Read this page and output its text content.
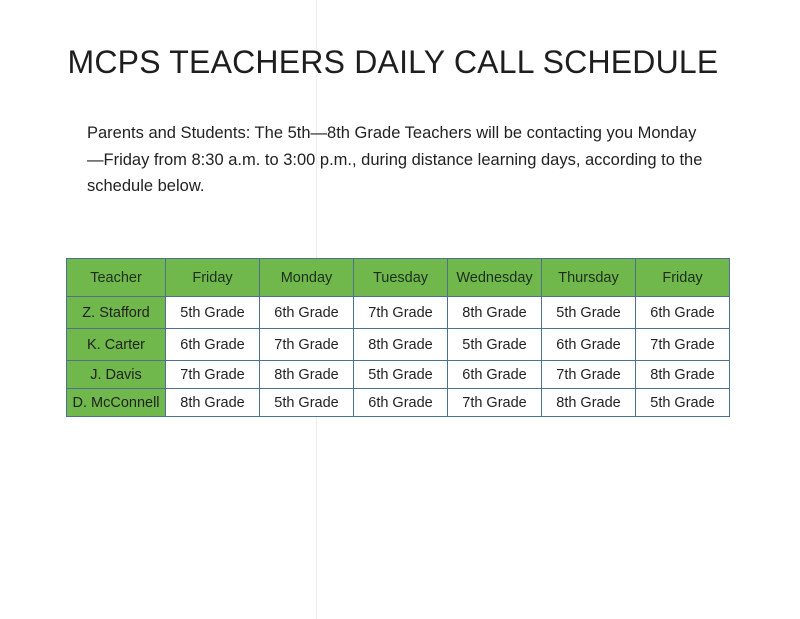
MCPS TEACHERS DAILY CALL SCHEDULE

Parents and Students: The 5th—8th Grade Teachers will be contacting you Monday—Friday from 8:30 a.m. to 3:00 p.m., during distance learning days, according to the schedule below.

Teacher	Friday	Monday	Tuesday	Wednesday	Thursday	Friday
Z. Stafford	5th Grade	6th Grade	7th Grade	8th Grade	5th Grade	6th Grade
K. Carter	6th Grade	7th Grade	8th Grade	5th Grade	6th Grade	7th Grade
J. Davis	7th Grade	8th Grade	5th Grade	6th Grade	7th Grade	8th Grade
D. McConnell	8th Grade	5th Grade	6th Grade	7th Grade	8th Grade	5th Grade
